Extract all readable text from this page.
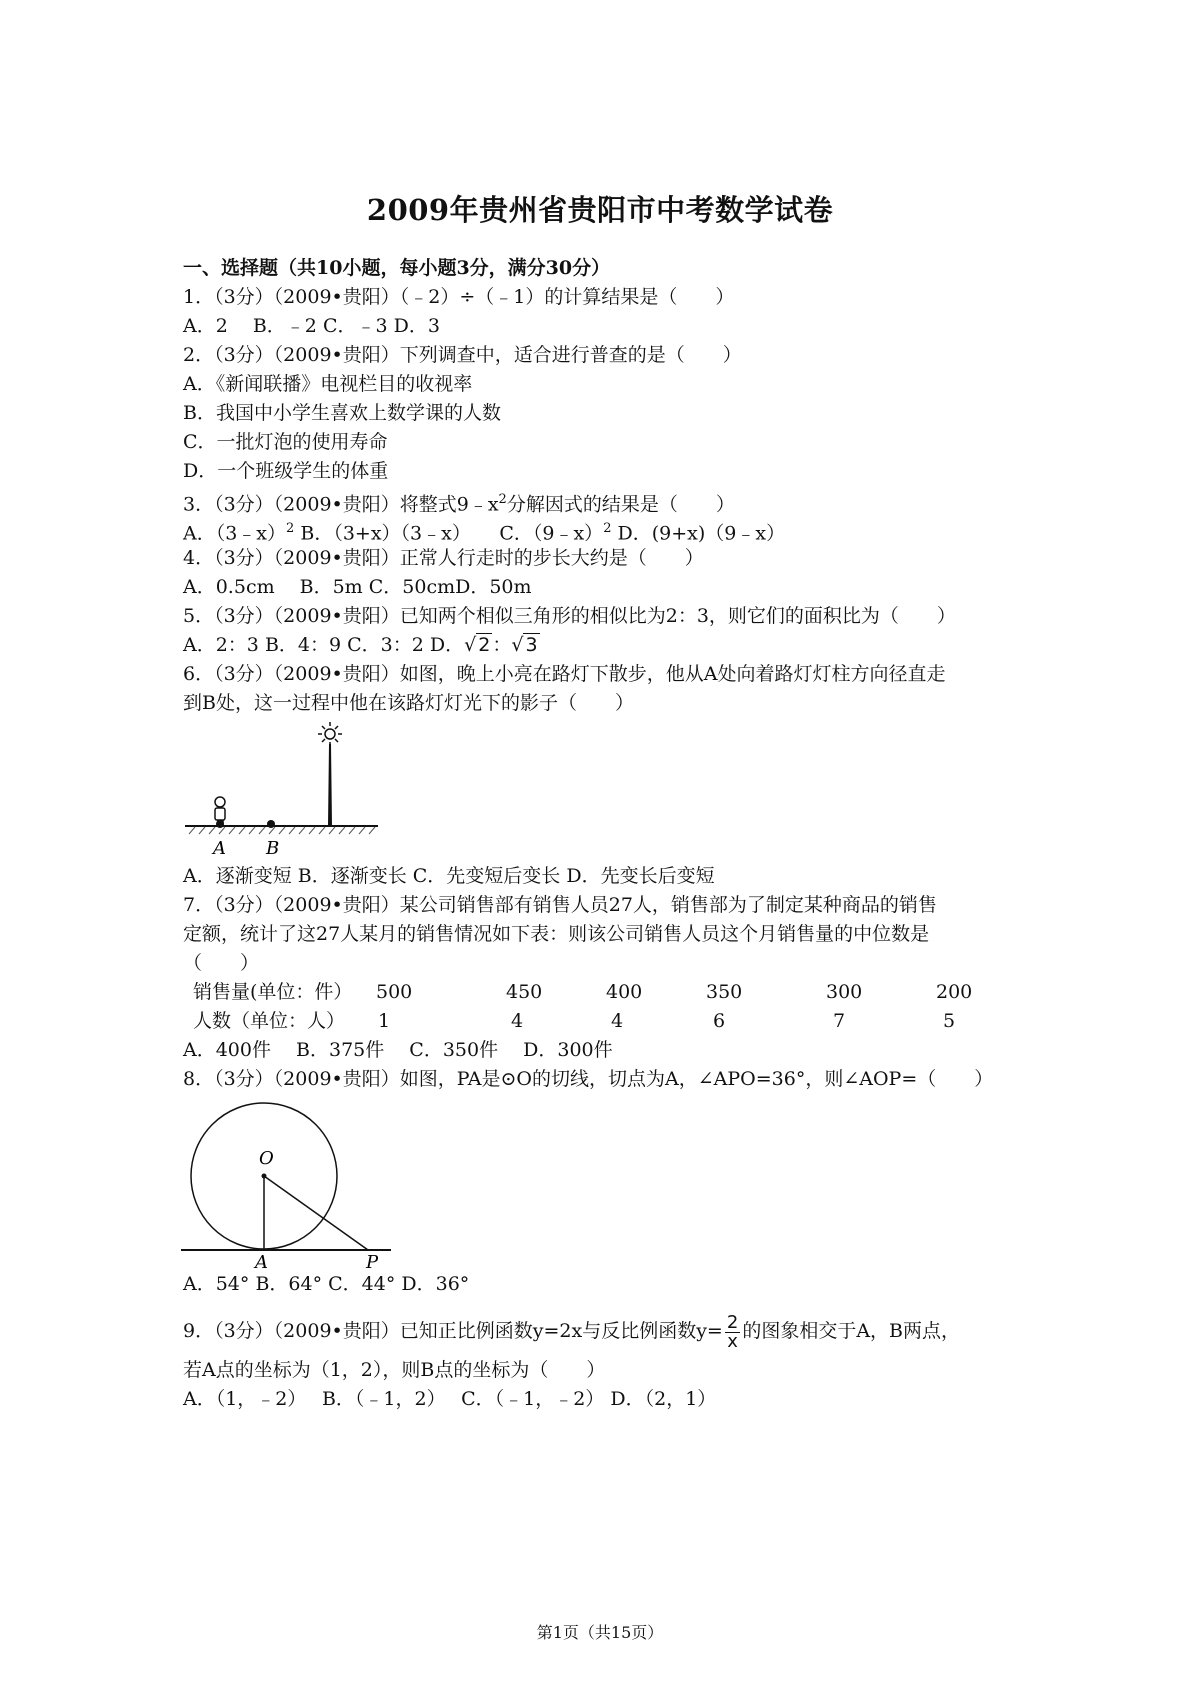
2009年贵州省贵阳市中考数学试卷
一、选择题（共10小题，每小题3分，满分30分）
1．（3分）（2009•贵阳）（﹣2）÷（﹣1）的计算结果是（　　）
A．2　 B．﹣2 C．﹣3 D．3
2．（3分）（2009•贵阳）下列调查中，适合进行普查的是（　　）
A．《新闻联播》电视栏目的收视率
B．我国中小学生喜欢上数学课的人数
C．一批灯泡的使用寿命
D．一个班级学生的体重
3．（3分）（2009•贵阳）将整式$9﹣x^2$分解因式的结果是（　　）
A．（3﹣x）$^2$ B．（3+x）（3﹣x）　　C．（9﹣x）$^2$ D．(9+x)（9﹣x）
4．（3分）（2009•贵阳）正常人行走时的步长大约是（　　）
A．0.5cm　 B．5m C．50cmD．50m
5．（3分）（2009•贵阳）已知两个相似三角形的相似比为2：3，则它们的面积比为（　　）
A．2：3 B．4：9 C．3：2 D．√ 2 ：√ 3
6．（3分）（2009•贵阳）如图，晚上小亮在路灯下散步，他从A处向着路灯灯柱方向径直走
到B处，这一过程中他在该路灯灯光下的影子（　　）
A B
A．逐渐变短 B．逐渐变长 C．先变短后变长 D．先变长后变短
7．（3分）（2009•贵阳）某公司销售部有销售人员27人，销售部为了制定某种商品的销售
定额，统计了这27人某月的销售情况如下表：则该公司销售人员这个月销售量的中位数是
（　　）
销售量(单位：件） 500	450	400	350	300	200
人数（单位：人） 1	4	4	6	7	5
A．400件　 B．375件　 C．350件　 D．300件
8．（3分）（2009•贵阳）如图，PA是⊙O的切线，切点为A，∠APO=36°，则∠AOP=（　　）
O
A	P
A．54° B．64° C．44° D．36°
9．（3分）（2009•贵阳）已知正比例函数y=2x与反比例函数$y= \frac{2}{x}$ 的图象相交于A，B两点，
若A点的坐标为（1，2），则B点的坐标为（　　）
A．（1，﹣2）　 B．（﹣1，2）　 C．（﹣1，﹣2） D．（2，1）
第1页（共15页）
